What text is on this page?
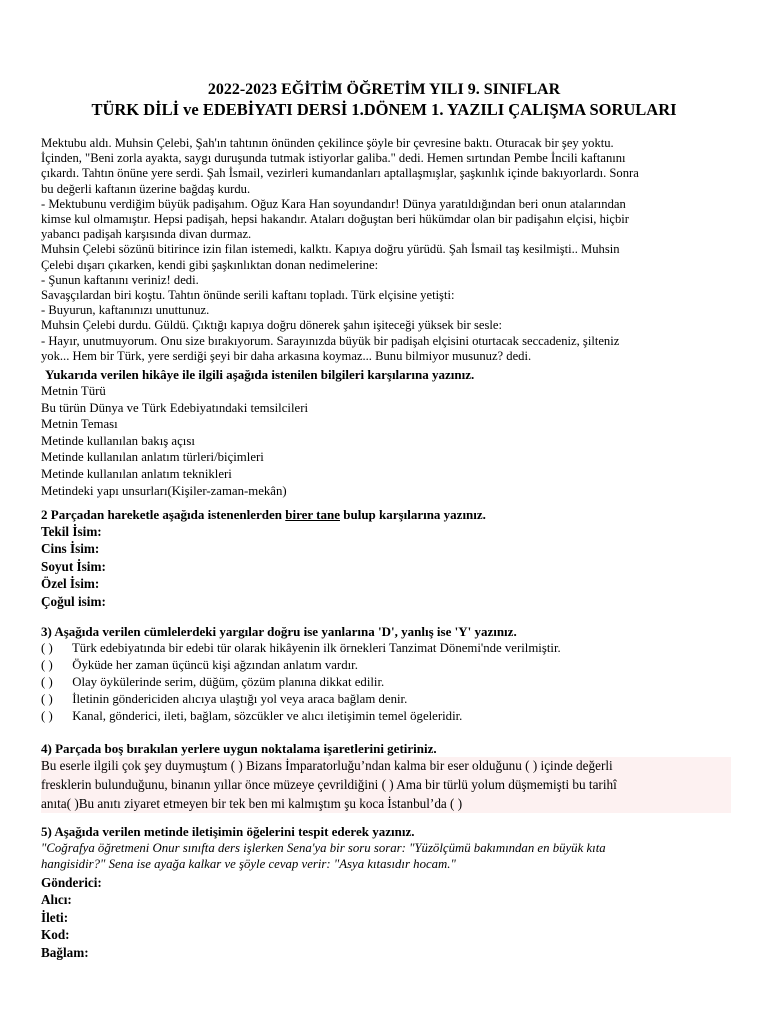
2022-2023 EĞİTİM ÖĞRETİM YILI 9. SINIFLAR
TÜRK DİLİ ve EDEBİYATI DERSİ 1.DÖNEM 1. YAZILI ÇALIŞMA SORULARI
Mektubu aldı. Muhsin Çelebi, Şah'ın tahtının önünden çekilince şöyle bir çevresine baktı. Oturacak bir şey yoktu.
İçinden, "Beni zorla ayakta, saygı duruşunda tutmak istiyorlar galiba." dedi. Hemen sırtından Pembe İncili kaftanını
çıkardı. Tahtın önüne yere serdi. Şah İsmail, vezirleri kumandanları aptallaşmışlar, şaşkınlık içinde bakıyorlardı. Sonra
bu değerli kaftanın üzerine bağdaş kurdu.
- Mektubunu verdiğim büyük padişahım. Oğuz Kara Han soyundandır! Dünya yaratıldığından beri onun atalarından
kimse kul olmamıştır. Hepsi padişah, hepsi hakandır. Ataları doğuştan beri hükümdar olan bir padişahın elçisi, hiçbir
yabancı padişah karşısında divan durmaz.
Muhsin Çelebi sözünü bitirince izin filan istemedi, kalktı. Kapıya doğru yürüdü. Şah İsmail taş kesilmişti.. Muhsin
Çelebi dışarı çıkarken, kendi gibi şaşkınlıktan donan nedimelerine:
- Şunun kaftanını veriniz! dedi.
Savaşçılardan biri koştu. Tahtın önünde serili kaftanı topladı. Türk elçisine yetişti:
- Buyurun, kaftanınızı unuttunuz.
Muhsin Çelebi durdu. Güldü. Çıktığı kapıya doğru dönerek şahın işiteceği yüksek bir sesle:
- Hayır, unutmuyorum. Onu size bırakıyorum. Sarayınızda büyük bir padişah elçisini oturtacak seccadeniz, şilteniz
yok... Hem bir Türk, yere serdiği şeyi bir daha arkasına koymaz... Bunu bilmiyor musunuz? dedi.
Yukarıda verilen hikâye ile ilgili aşağıda istenilen bilgileri karşılarına yazınız.
Metnin Türü
Bu türün Dünya ve Türk Edebiyatındaki temsilcileri
Metnin Teması
Metinde kullanılan bakış açısı
Metinde kullanılan anlatım türleri/biçimleri
Metinde kullanılan anlatım teknikleri
Metindeki yapı unsurları(Kişiler-zaman-mekân)
2 Parçadan hareketle aşağıda istenenlerden birer tane bulup karşılarına yazınız.
Tekil İsim:
Cins İsim:
Soyut İsim:
Özel İsim:
Çoğul isim:
3) Aşağıda verilen cümlelerdeki yargılar doğru ise yanlarına 'D', yanlış ise 'Y' yazınız.
( ) Türk edebiyatında bir edebi tür olarak hikâyenin ilk örnekleri Tanzimat Dönemi'nde verilmiştir.
( ) Öyküde her zaman üçüncü kişi ağzından anlatım vardır.
( ) Olay öykülerinde serim, düğüm, çözüm planına dikkat edilir.
( ) İletinin göndericiden alıcıya ulaştığı yol veya araca bağlam denir.
( ) Kanal, gönderici, ileti, bağlam, sözcükler ve alıcı iletişimin temel ögeleridir.
4) Parçada boş bırakılan yerlere uygun noktalama işaretlerini getiriniz.
Bu eserle ilgili çok şey duymuştum ( ) Bizans İmparatorluğu’ndan kalma bir eser olduğunu ( ) içinde değerli
fresklerin bulunduğunu, binanın yıllar önce müzeye çevrildiğini ( ) Ama bir türlü yolum düşmemişti bu tarihî
anıta( )Bu anıtı ziyaret etmeyen bir tek ben mi kalmıştım şu koca İstanbul’da ( )
5) Aşağıda verilen metinde iletişimin öğelerini tespit ederek yazınız.
"Coğrafya öğretmeni Onur sınıfta ders işlerken Sena'ya bir soru sorar: "Yüzölçümü bakımından en büyük kıta
hangisidir?" Sena ise ayağa kalkar ve şöyle cevap verir: "Asya kıtasıdır hocam."
Gönderici:
Alıcı:
İleti:
Kod:
Bağlam:
